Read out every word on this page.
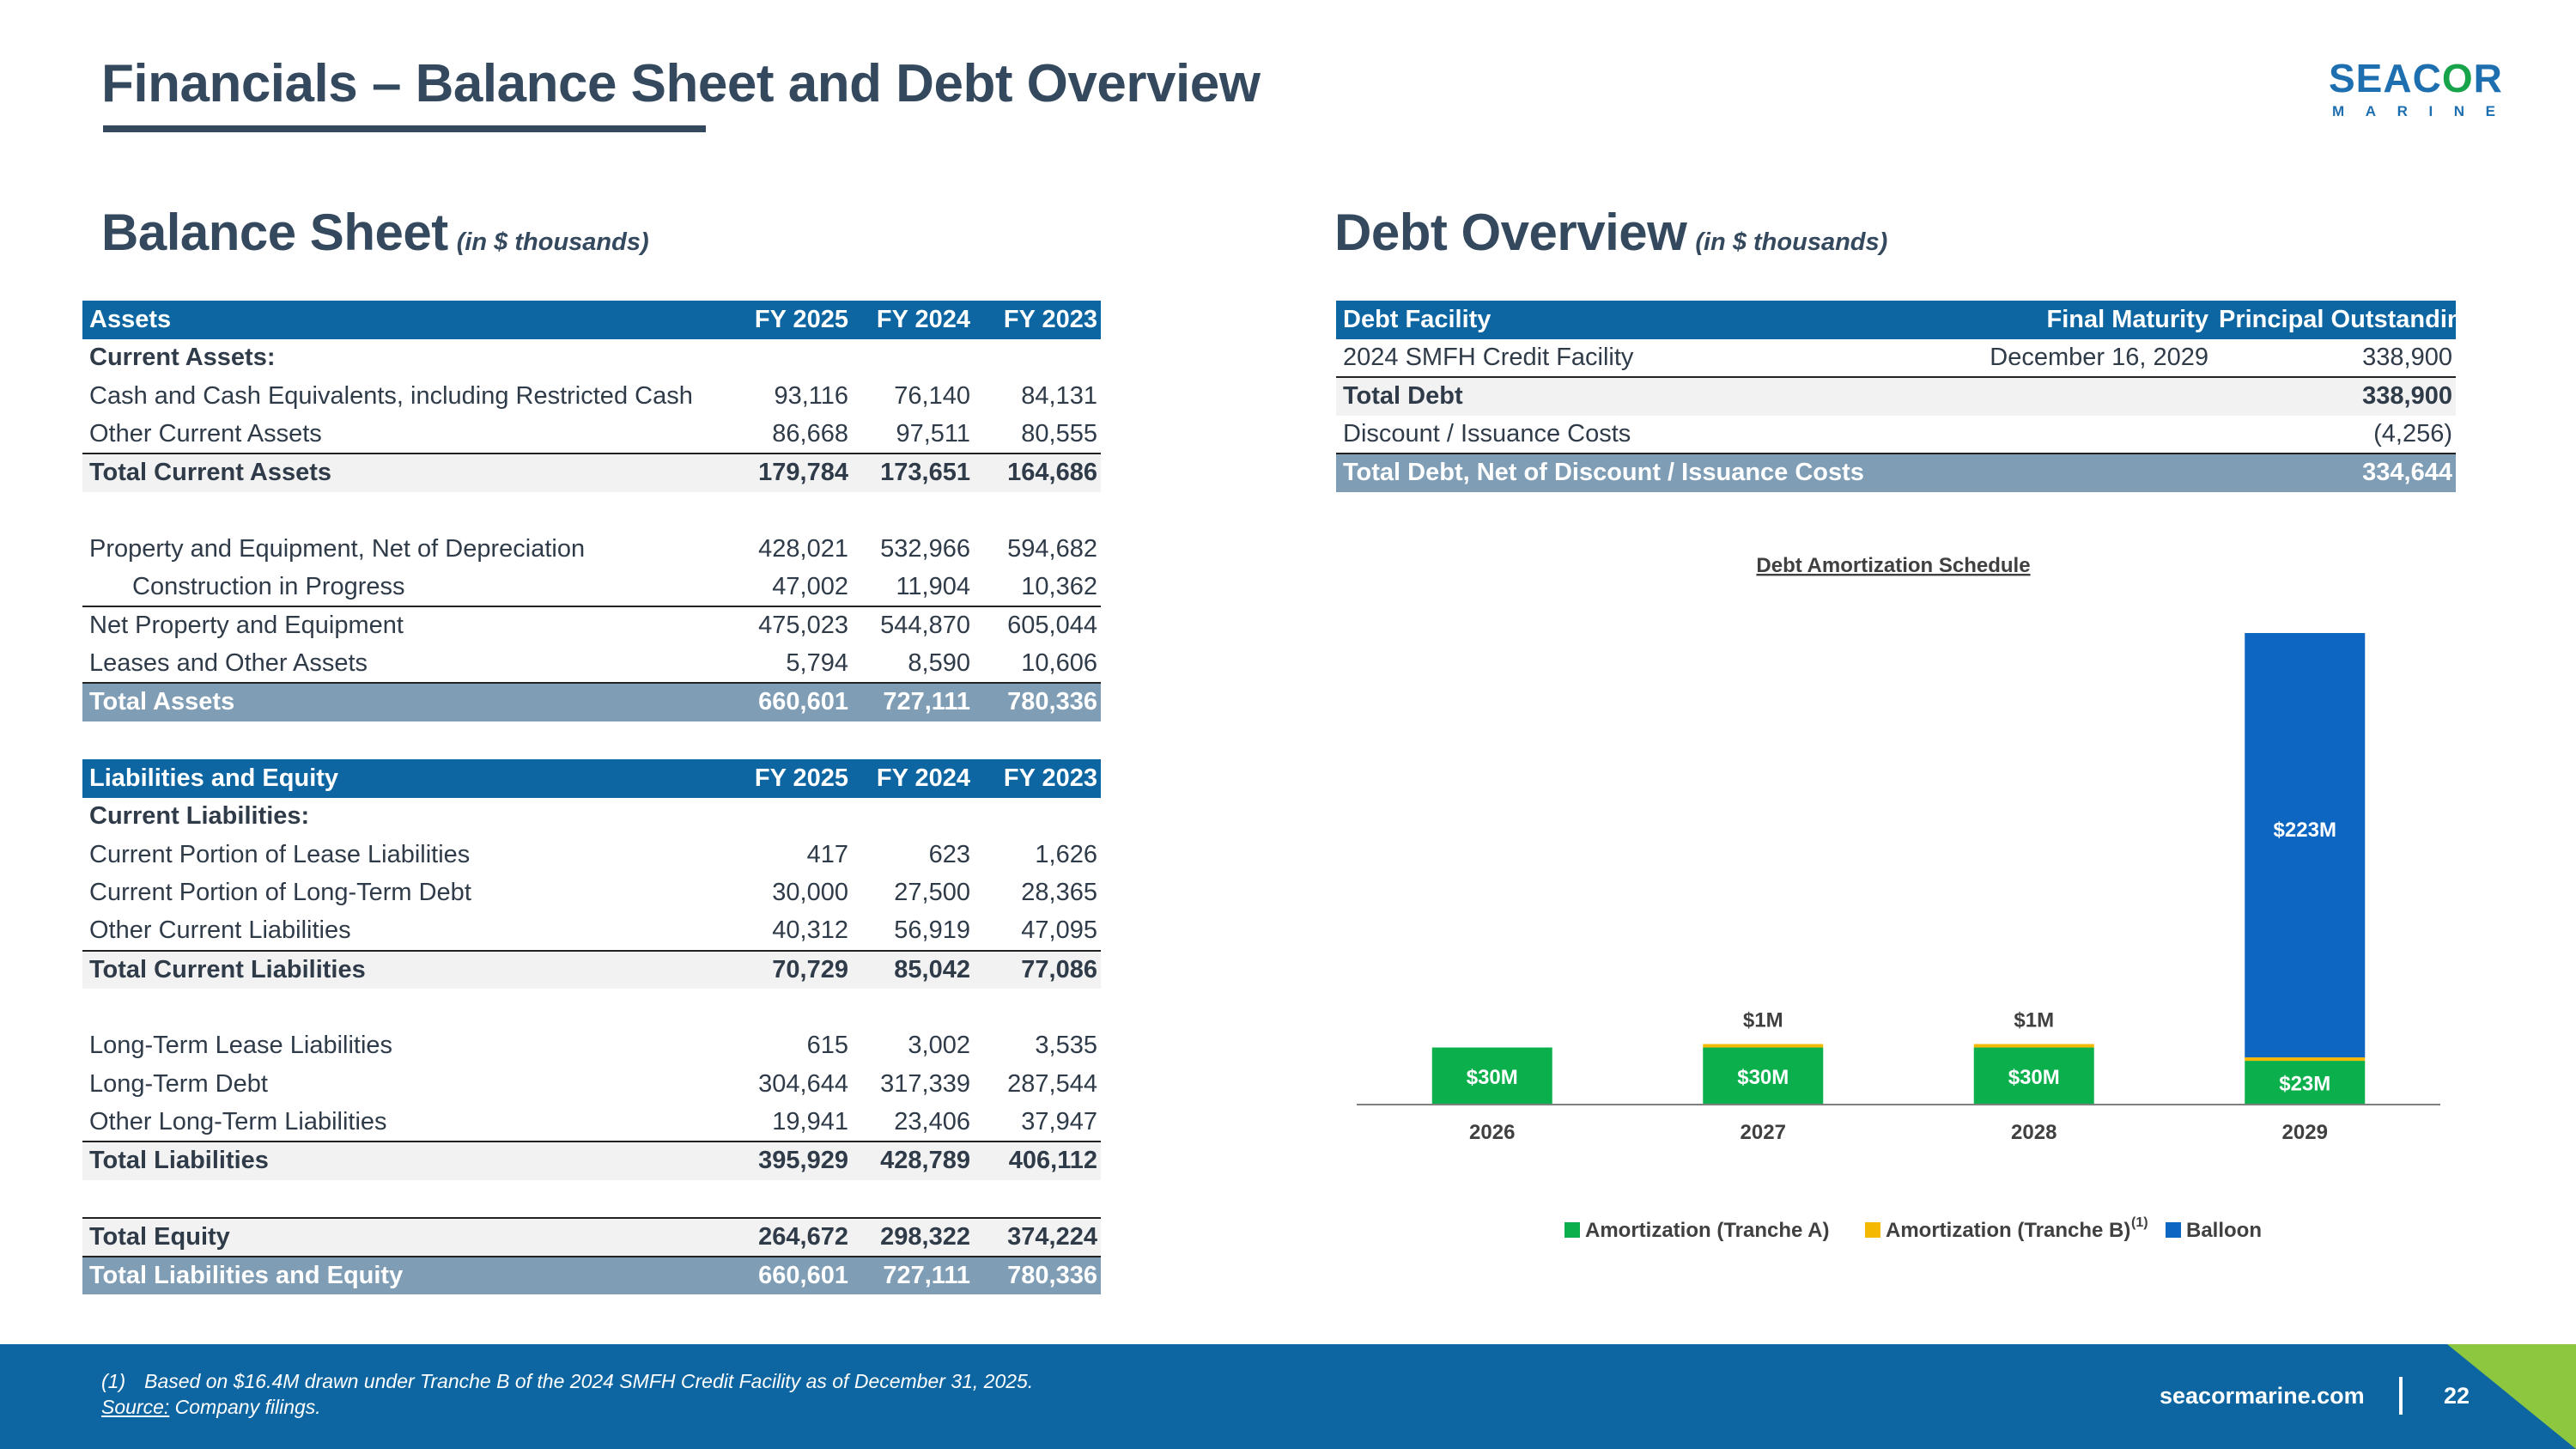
Financials – Balance Sheet and Debt Overview	SEACOR
M A R I N E
Balance Sheet (in $ thousands)
Assets	FY 2025	FY 2024	FY 2023
Current Assets:			
Cash and Cash Equivalents, including Restricted Cash	93,116	76,140	84,131
Other Current Assets	86,668	97,511	80,555
Total Current Assets	179,784	173,651	164,686

Property and Equipment, Net of Depreciation	428,021	532,966	594,682
Construction in Progress	47,002	11,904	10,362
Net Property and Equipment	475,023	544,870	605,044
Leases and Other Assets	5,794	8,590	10,606
Total Assets	660,601	727,111	780,336
Liabilities and Equity	FY 2025	FY 2024	FY 2023
Current Liabilities:			
Current Portion of Lease Liabilities	417	623	1,626
Current Portion of Long-Term Debt	30,000	27,500	28,365
Other Current Liabilities	40,312	56,919	47,095
Total Current Liabilities	70,729	85,042	77,086

Long-Term Lease Liabilities	615	3,002	3,535
Long-Term Debt	304,644	317,339	287,544
Other Long-Term Liabilities	19,941	23,406	37,947
Total Liabilities	395,929	428,789	406,112

Total Equity	264,672	298,322	374,224
Total Liabilities and Equity	660,601	727,111	780,336
Debt Overview (in $ thousands)
Debt Facility	Final Maturity	Principal Outstanding
2024 SMFH Credit Facility	December 16, 2029	338,900
Total Debt		338,900
Discount / Issuance Costs		(4,256)
Total Debt, Net of Discount / Issuance Costs		334,644
Debt Amortization Schedule
$30M
2026
$30M
$1M
2027
$30M
$1M
2028
$23M
$223M
2029
Amortization (Tranche A)	Amortization (Tranche B)	Balloon
(1)
(1) Based on $16.4M drawn under Tranche B of the 2024 SMFH Credit Facility as of December 31, 2025.
Source: Company filings.	seacormarine.com	22
